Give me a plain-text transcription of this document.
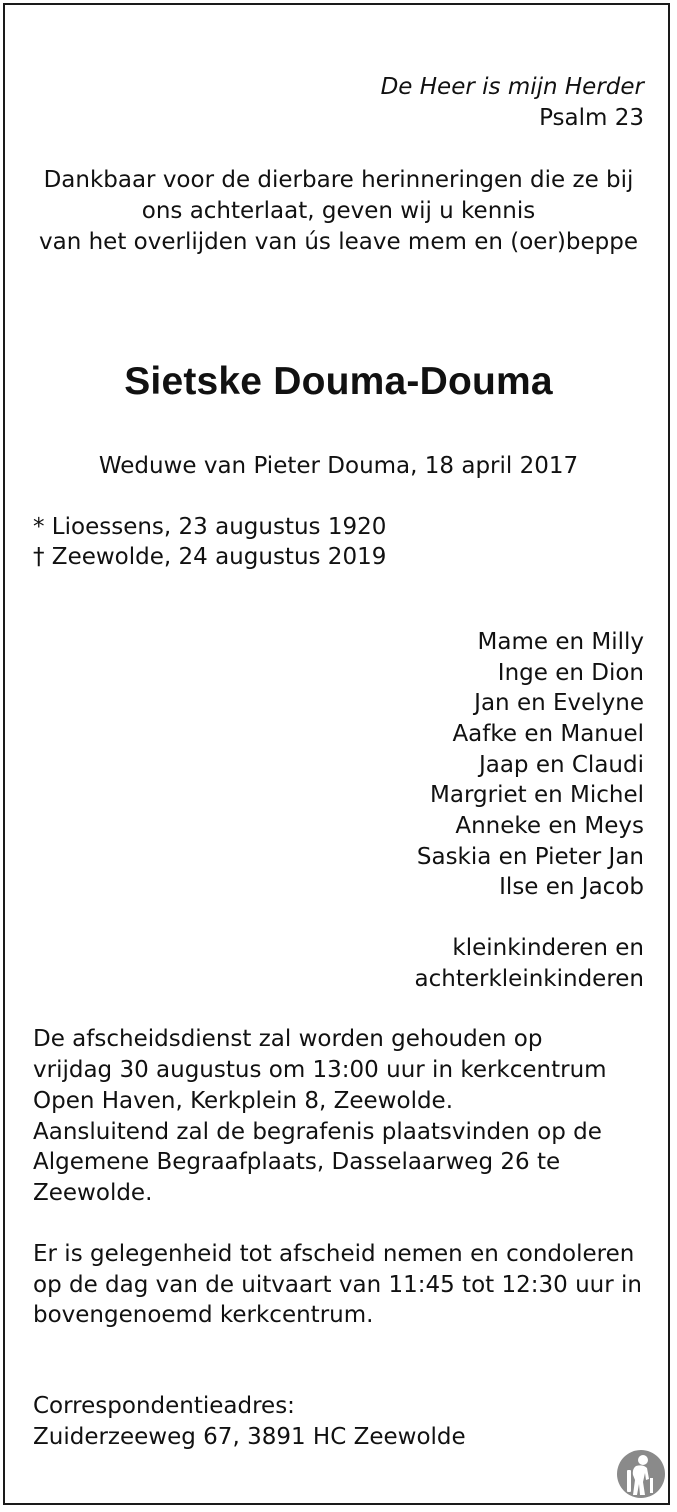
De Heer is mijn Herder

Psalm 23

Dankbaar voor de dierbare herinneringen die ze bij

ons achterlaat, geven wij u kennis

van het overlijden van ús leave mem en (oer)beppe

Sietske Douma-Douma

Weduwe van Pieter Douma, 18 april 2017

* Lioessens, 23 augustus 1920

† Zeewolde, 24 augustus 2019

Mame en Milly

Inge en Dion

Jan en Evelyne

Aafke en Manuel

Jaap en Claudi

Margriet en Michel

Anneke en Meys

Saskia en Pieter Jan

Ilse en Jacob

kleinkinderen en

achterkleinkinderen

De afscheidsdienst zal worden gehouden op

vrijdag 30 augustus om 13:00 uur in kerkcentrum

Open Haven, Kerkplein 8, Zeewolde.

Aansluitend zal de begrafenis plaatsvinden op de

Algemene Begraafplaats, Dasselaarweg 26 te

Zeewolde.

Er is gelegenheid tot afscheid nemen en condoleren

op de dag van de uitvaart van 11:45 tot 12:30 uur in

bovengenoemd kerkcentrum.

Correspondentieadres:

Zuiderzeeweg 67, 3891 HC Zeewolde
